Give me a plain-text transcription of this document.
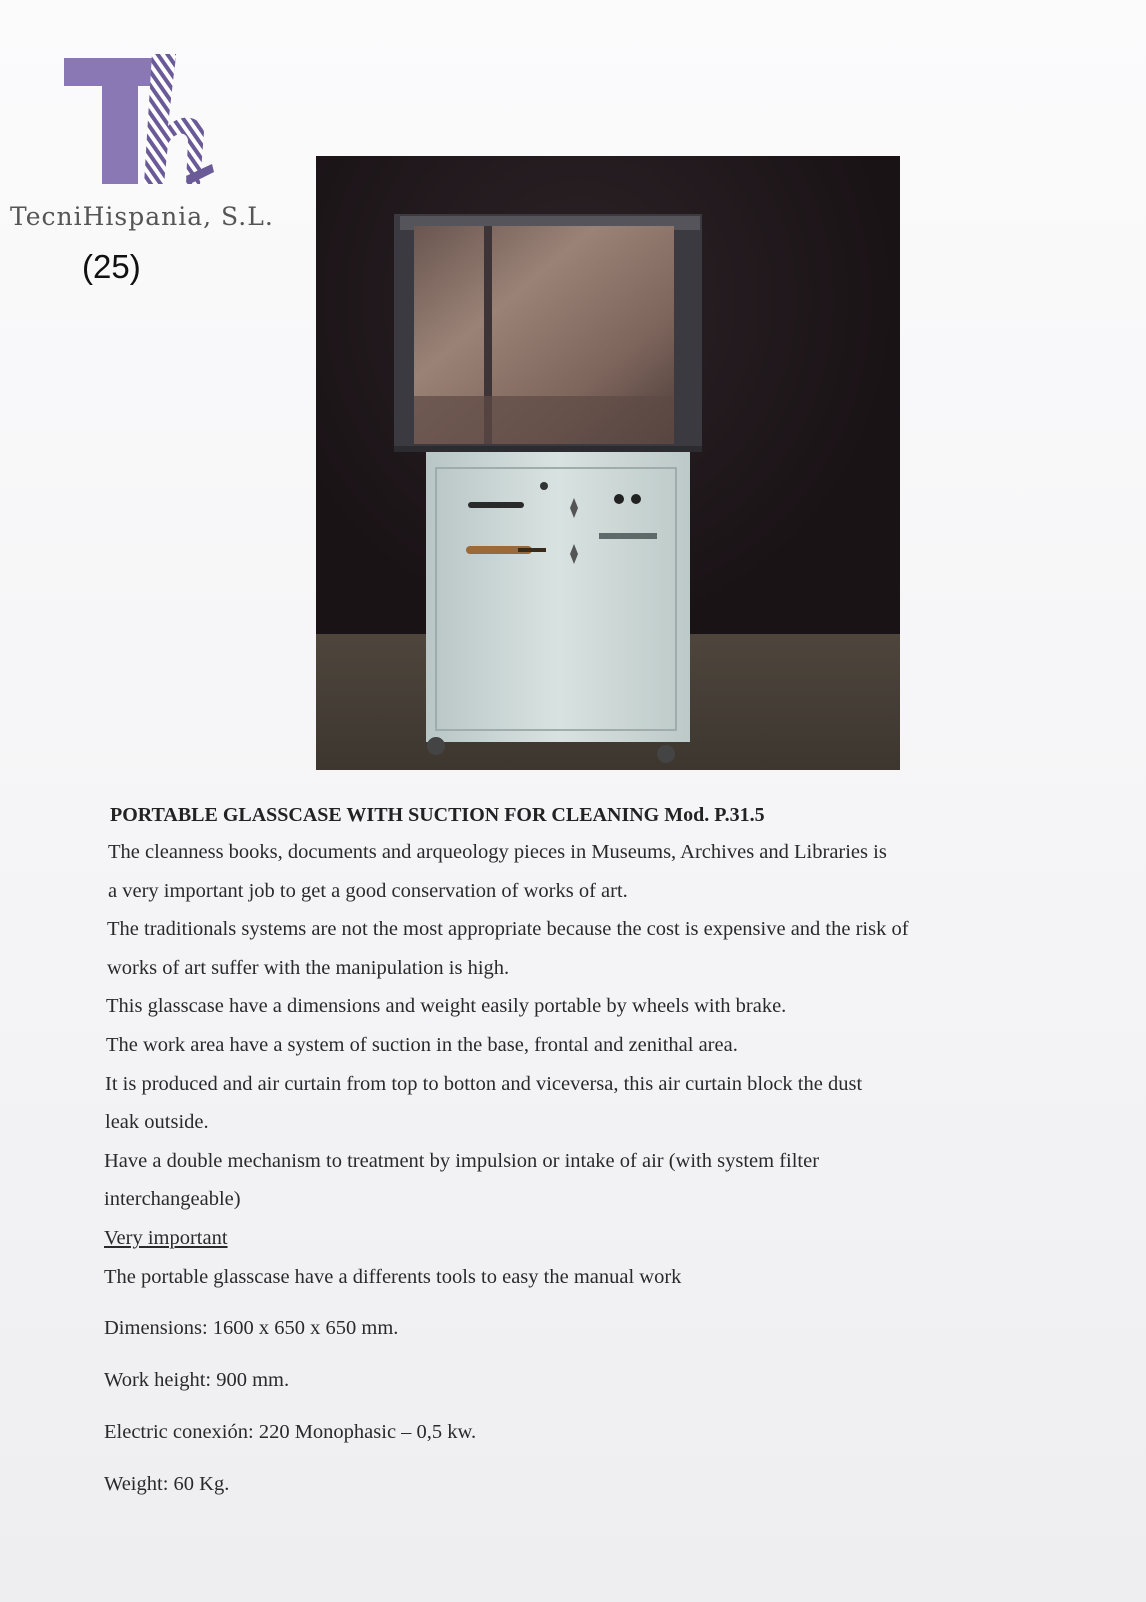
TecniHispania, S.L.
(25)
PORTABLE GLASSCASE WITH SUCTION FOR CLEANING Mod. P.31.5
The cleanness books, documents and arqueology pieces in Museums, Archives and Libraries is
a very important job to get a good conservation of works of art.
The traditionals systems are not the most appropriate because the cost is expensive and the risk of
works of art suffer with the manipulation is high.
This glasscase have a dimensions and weight easily portable by wheels with brake.
The work area have a system of suction in the base, frontal and zenithal area.
It is produced and air curtain from top to botton and viceversa, this air curtain block the dust
leak outside.
Have a double mechanism to treatment by impulsion or intake of air (with system filter
interchangeable)
Very important
The portable glasscase have a differents tools to easy the manual work
Dimensions: 1600 x 650 x 650 mm.
Work height: 900 mm.
Electric conexión: 220 Monophasic – 0,5 kw.
Weight: 60 Kg.
